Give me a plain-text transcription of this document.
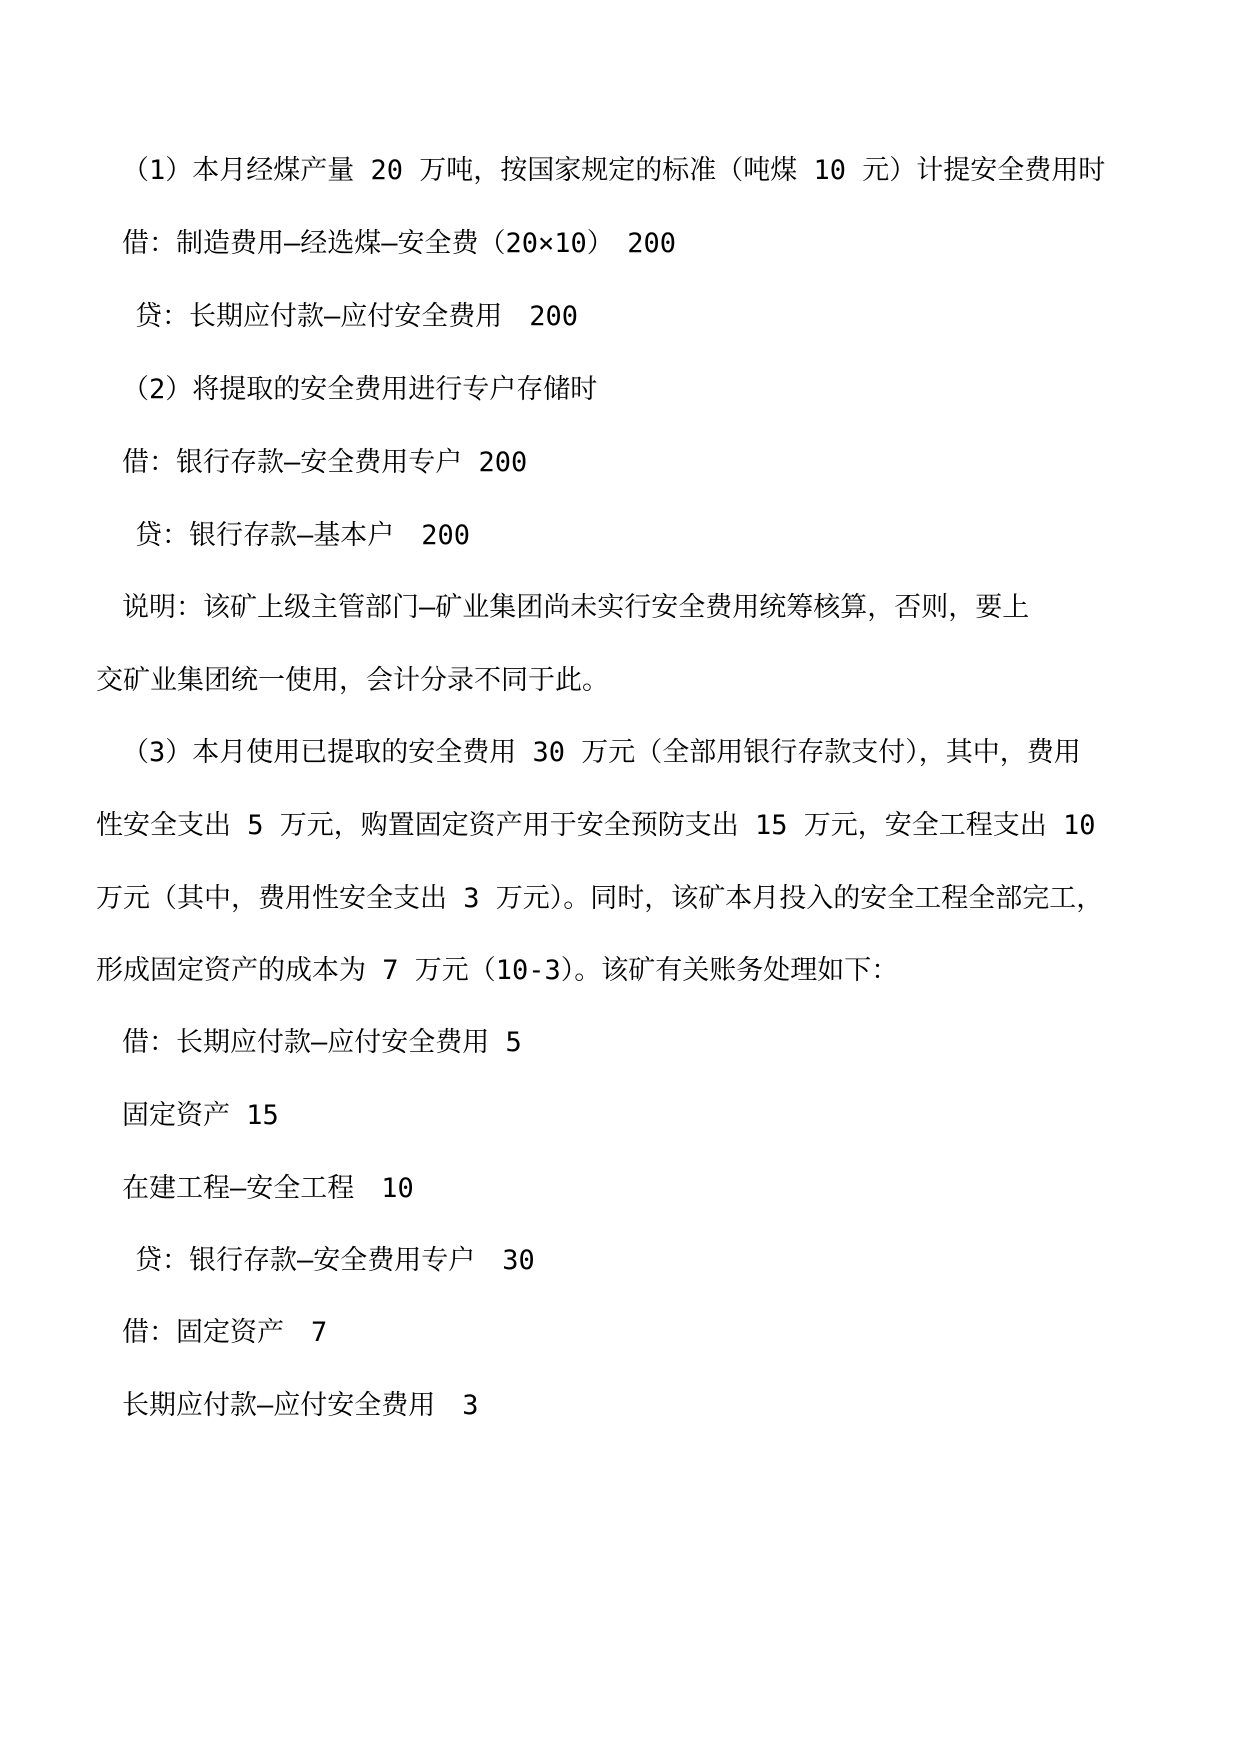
（1）本月经煤产量 20 万吨，按国家规定的标准（吨煤 10 元）计提安全费用时
借：制造费用—经选煤—安全费（20×10）　200
贷：长期应付款—应付安全费用　200
（2）将提取的安全费用进行专户存储时
借：银行存款—安全费用专户 200
贷：银行存款—基本户　200
说明：该矿上级主管部门—矿业集团尚未实行安全费用统筹核算，否则，要上
交矿业集团统一使用，会计分录不同于此。
（3）本月使用已提取的安全费用 30 万元（全部用银行存款支付），其中，费用
性安全支出 5 万元，购置固定资产用于安全预防支出 15 万元，安全工程支出 10
万元（其中，费用性安全支出 3 万元）。同时，该矿本月投入的安全工程全部完工，
形成固定资产的成本为 7 万元（10-3）。该矿有关账务处理如下：
借：长期应付款—应付安全费用 5
固定资产 15
在建工程—安全工程　10
贷：银行存款—安全费用专户　30
借：固定资产　7
长期应付款—应付安全费用　3
